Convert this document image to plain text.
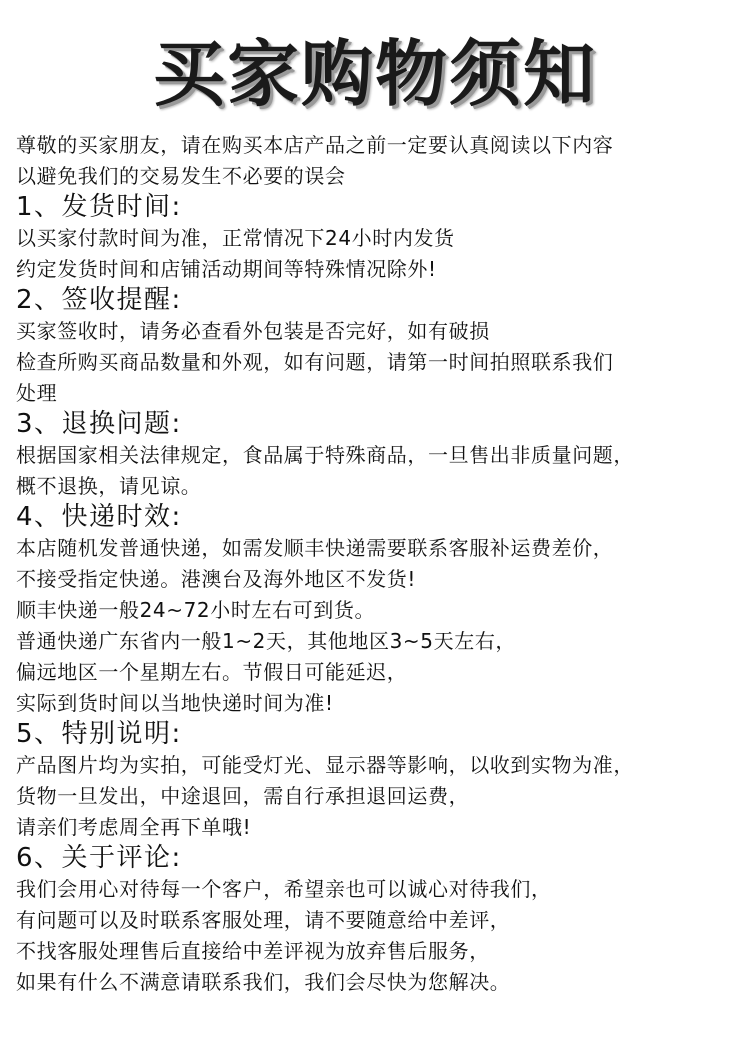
买家购物须知
尊敬的买家朋友，请在购买本店产品之前一定要认真阅读以下内容
以避免我们的交易发生不必要的误会
1、发货时间:
以买家付款时间为准，正常情况下24小时内发货
约定发货时间和店铺活动期间等特殊情况除外!
2、签收提醒:
买家签收时，请务必查看外包装是否完好，如有破损
检查所购买商品数量和外观，如有问题，请第一时间拍照联系我们
处理
3、退换问题:
根据国家相关法律规定，食品属于特殊商品，一旦售出非质量问题，
概不退换，请见谅。
4、快递时效:
本店随机发普通快递，如需发顺丰快递需要联系客服补运费差价，
不接受指定快递。港澳台及海外地区不发货!
顺丰快递一般24~72小时左右可到货。
普通快递广东省内一般1~2天，其他地区3~5天左右，
偏远地区一个星期左右。节假日可能延迟，
实际到货时间以当地快递时间为准!
5、特别说明:
产品图片均为实拍，可能受灯光、显示器等影响，以收到实物为准，
货物一旦发出，中途退回，需自行承担退回运费，
请亲们考虑周全再下单哦!
6、关于评论:
我们会用心对待每一个客户，希望亲也可以诚心对待我们，
有问题可以及时联系客服处理，请不要随意给中差评，
不找客服处理售后直接给中差评视为放弃售后服务，
如果有什么不满意请联系我们，我们会尽快为您解决。
